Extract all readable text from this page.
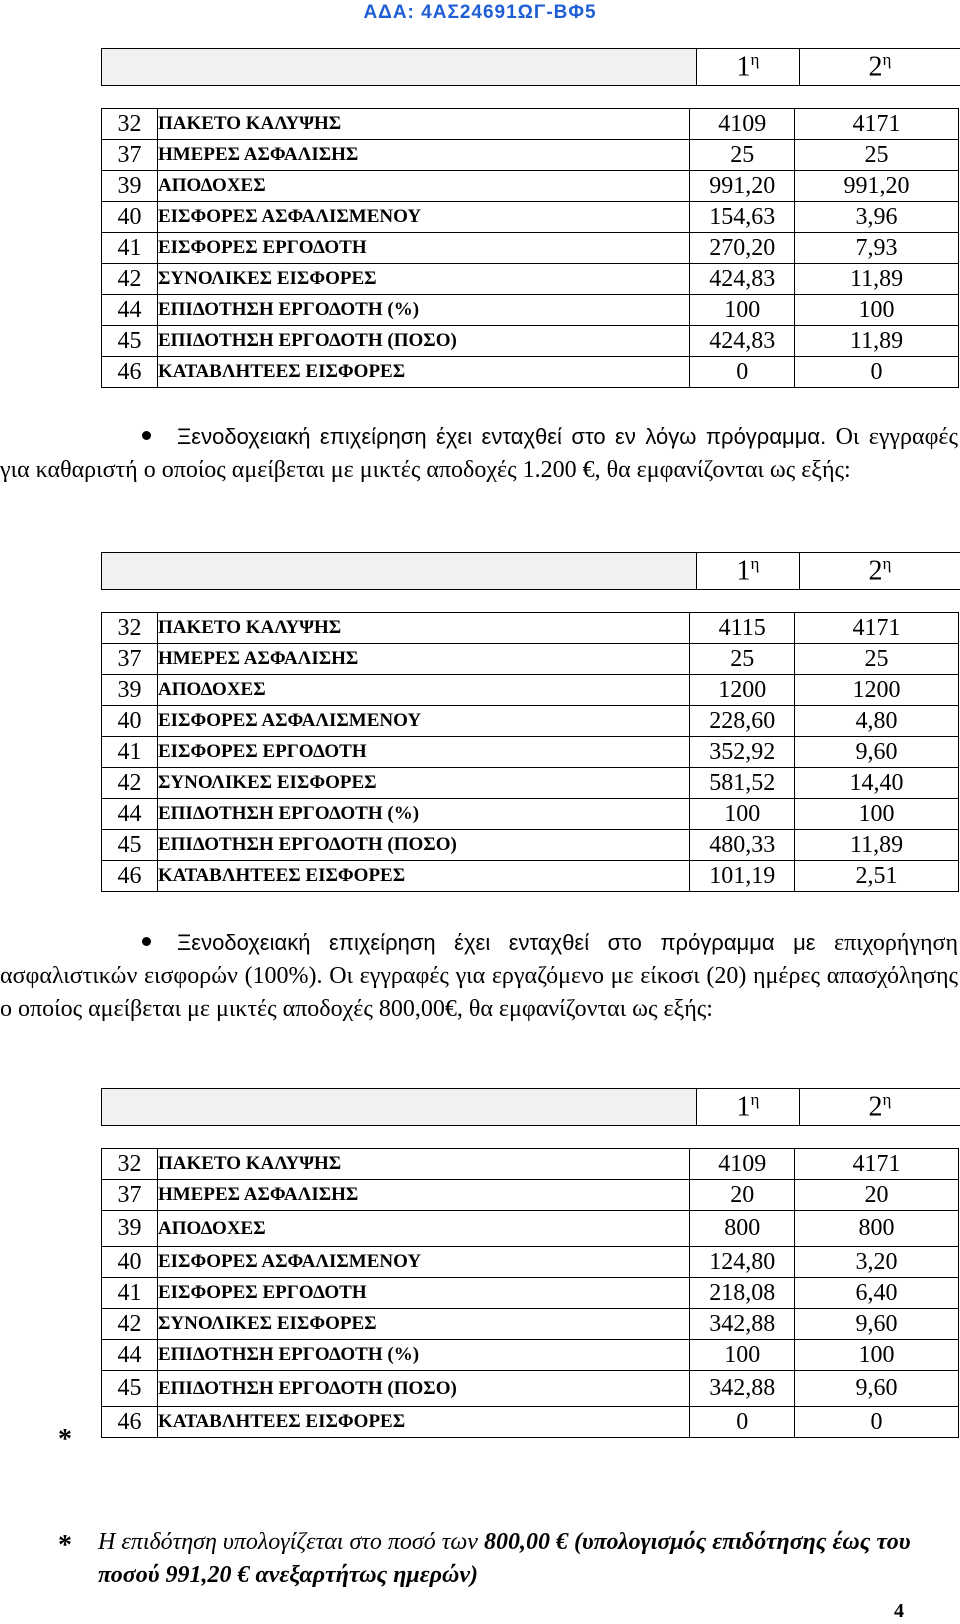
ΑΔΑ: 4ΑΣ24691ΩΓ-ΒΦ5
	$1^\eta$	$2^\eta$
32	ΠΑΚΕΤΟ ΚΑΛΥΨΗΣ	4109	4171
37	ΗΜΕΡΕΣ ΑΣΦΑΛΙΣΗΣ	25	25
39	ΑΠΟΔΟΧΕΣ	991,20	991,20
40	ΕΙΣΦΟΡΕΣ ΑΣΦΑΛΙΣΜΕΝΟΥ	154,63	3,96
41	ΕΙΣΦΟΡΕΣ ΕΡΓΟΔΟΤΗ	270,20	7,93
42	ΣΥΝΟΛΙΚΕΣ ΕΙΣΦΟΡΕΣ	424,83	11,89
44	ΕΠΙΔΟΤΗΣΗ ΕΡΓΟΔΟΤΗ (%)	100	100
45	ΕΠΙΔΟΤΗΣΗ ΕΡΓΟΔΟΤΗ (ΠΟΣΟ)	424,83	11,89
46	ΚΑΤΑΒΛΗΤΕΕΣ ΕΙΣΦΟΡΕΣ	0	0
Ξενοδοχειακή επιχείρηση έχει ενταχθεί στο εν λόγω πρόγραμμα. Οι εγγραφές για καθαριστή ο οποίος αμείβεται με μικτές αποδοχές 1.200 €, θα εμφανίζονται ως εξής:
	$1^\eta$	$2^\eta$
32	ΠΑΚΕΤΟ ΚΑΛΥΨΗΣ	4115	4171
37	ΗΜΕΡΕΣ ΑΣΦΑΛΙΣΗΣ	25	25
39	ΑΠΟΔΟΧΕΣ	1200	1200
40	ΕΙΣΦΟΡΕΣ ΑΣΦΑΛΙΣΜΕΝΟΥ	228,60	4,80
41	ΕΙΣΦΟΡΕΣ ΕΡΓΟΔΟΤΗ	352,92	9,60
42	ΣΥΝΟΛΙΚΕΣ ΕΙΣΦΟΡΕΣ	581,52	14,40
44	ΕΠΙΔΟΤΗΣΗ ΕΡΓΟΔΟΤΗ (%)	100	100
45	ΕΠΙΔΟΤΗΣΗ ΕΡΓΟΔΟΤΗ (ΠΟΣΟ)	480,33	11,89
46	ΚΑΤΑΒΛΗΤΕΕΣ ΕΙΣΦΟΡΕΣ	101,19	2,51
Ξενοδοχειακή επιχείρηση έχει ενταχθεί στο πρόγραμμα με επιχορήγηση ασφαλιστικών εισφορών (100%). Οι εγγραφές για εργαζόμενο με είκοσι (20) ημέρες απασχόλησης ο οποίος αμείβεται με μικτές αποδοχές 800,00€, θα εμφανίζονται ως εξής:
	$1^\eta$	$2^\eta$
32	ΠΑΚΕΤΟ ΚΑΛΥΨΗΣ	4109	4171
37	ΗΜΕΡΕΣ ΑΣΦΑΛΙΣΗΣ	20	20
39	ΑΠΟΔΟΧΕΣ	800	800
40	ΕΙΣΦΟΡΕΣ ΑΣΦΑΛΙΣΜΕΝΟΥ	124,80	3,20
41	ΕΙΣΦΟΡΕΣ ΕΡΓΟΔΟΤΗ	218,08	6,40
42	ΣΥΝΟΛΙΚΕΣ ΕΙΣΦΟΡΕΣ	342,88	9,60
44	ΕΠΙΔΟΤΗΣΗ ΕΡΓΟΔΟΤΗ (%)	100	100
45	ΕΠΙΔΟΤΗΣΗ ΕΡΓΟΔΟΤΗ (ΠΟΣΟ)	342,88	9,60
46	ΚΑΤΑΒΛΗΤΕΕΣ ΕΙΣΦΟΡΕΣ	0	0
*
* Η επιδότηση υπολογίζεται στο ποσό των 800,00 € (υπολογισμός επιδότησης έως του ποσού 991,20 € ανεξαρτήτως ημερών)
4
